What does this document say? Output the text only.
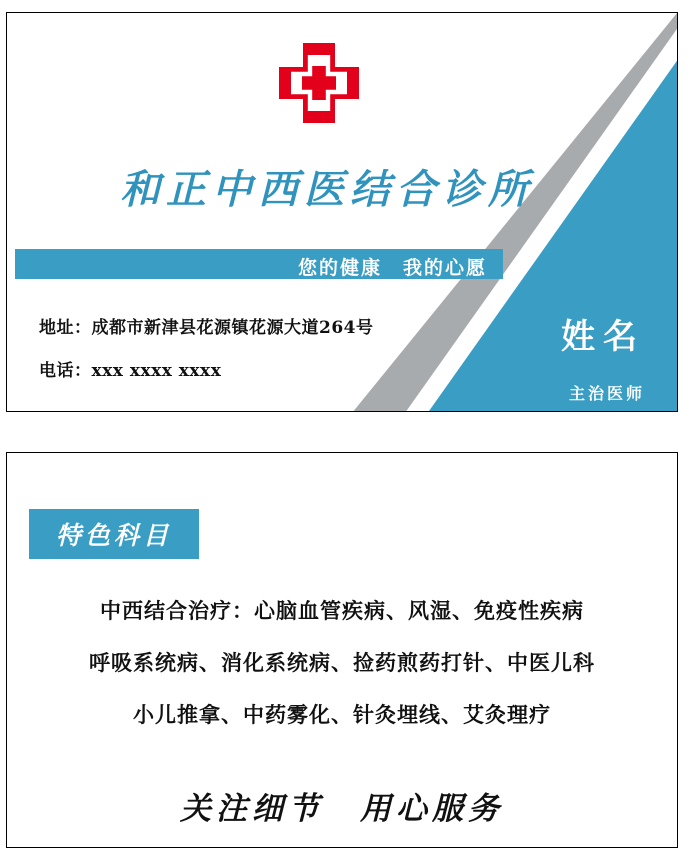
和正中西医结合诊所
您的健康　我的心愿
地址：成都市新津县花源镇花源大道264号
电话：xxx xxxx xxxx
姓名
主治医师
特色科目
中西结合治疗：心脑血管疾病、风湿、免疫性疾病
呼吸系统病、消化系统病、捡药煎药打针、中医儿科
小儿推拿、中药雾化、针灸埋线、艾灸理疗
关注细节　用心服务
